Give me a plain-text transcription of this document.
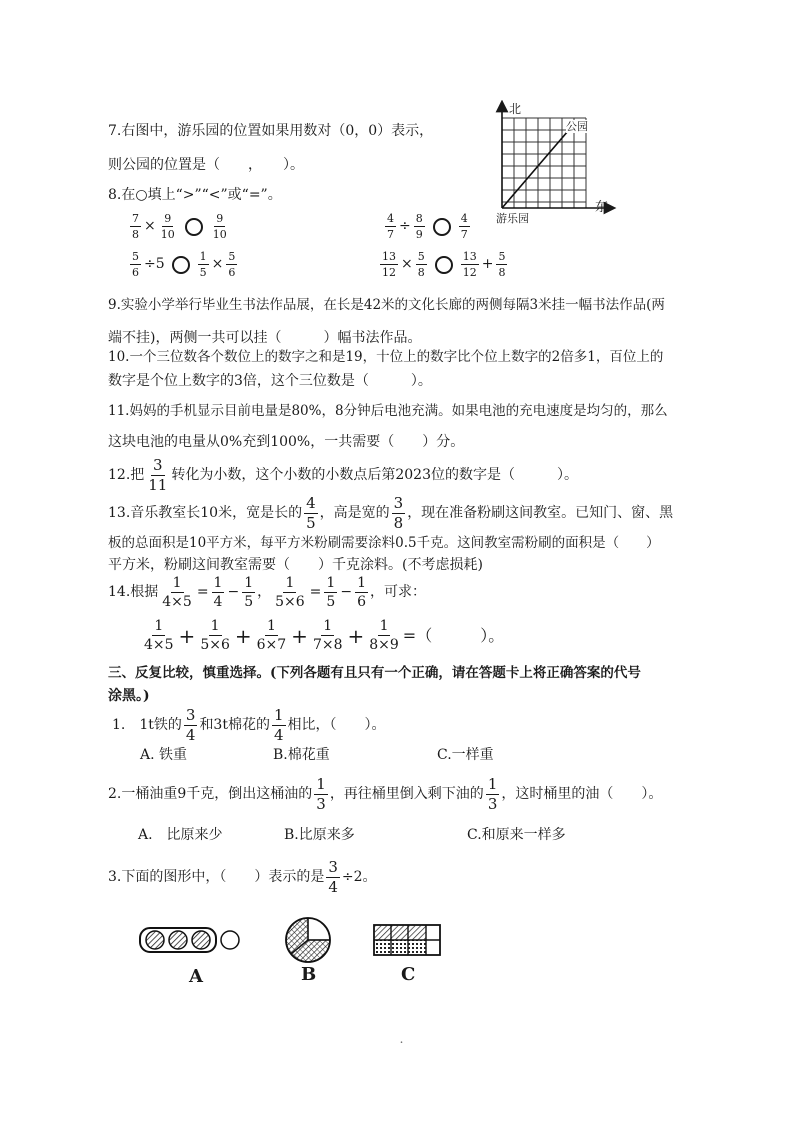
7.右图中，游乐园的位置如果用数对（0，0）表示，
则公园的位置是（　　，　　）。
北
东
公园
游乐园
8.在○填上“>”“<”或“=”。
$\frac{7}{8} \times \frac{9}{10}$	$\frac{9}{10}$	$\frac{4}{7} \div \frac{8}{9}$	$\frac{4}{7}$
$\frac{5}{6} \div 5$	$\frac{1}{5} \times \frac{5}{6}$	$\frac{13}{12} \times \frac{5}{8}$	$\frac{13}{12} + \frac{5}{8}$
9.实验小学举行毕业生书法作品展，在长是42米的文化长廊的两侧每隔3米挂一幅书法作品(两
端不挂)，两侧一共可以挂（　　　）幅书法作品。
10.一个三位数各个数位上的数字之和是19，十位上的数字比个位上数字的2倍多1，百位上的
数字是个位上数字的3倍，这个三位数是（　　　）。
11.妈妈的手机显示目前电量是80%，8分钟后电池充满。如果电池的充电速度是均匀的，那么
这块电池的电量从0%充到100%，一共需要（　　）分。
12.把 $\frac{3}{11}$ 转化为小数，这个小数的小数点后第2023位的数字是（　　　）。
13.音乐教室长10米，宽是长的 $\frac{4}{5}$ ，高是宽的 $\frac{3}{8}$ ，现在准备粉刷这间教室。已知门、窗、黑
板的总面积是10平方米，每平方米粉刷需要涂料0.5千克。这间教室需粉刷的面积是（　　）
平方米，粉刷这间教室需要（　　）千克涂料。(不考虑损耗)
14.根据 $\frac{1}{4\times 5} = \frac{1}{4} - \frac{1}{5}$ ， $\frac{1}{5\times 6} = \frac{1}{5} - \frac{1}{6}$ ，可求：
$\frac{1}{4\times 5} + \frac{1}{5\times 6} + \frac{1}{6\times 7} + \frac{1}{7\times 8} + \frac{1}{8\times 9}$ =（　　　）。
三、反复比较，慎重选择。(下列各题有且只有一个正确，请在答题卡上将正确答案的代号
涂黑。)
1.　1t铁的 $\frac{3}{4}$ 和3t棉花的 $\frac{1}{4}$ 相比，（　　）。
A. 铁重	B.棉花重	C.一样重
2.一桶油重9千克，倒出这桶油的 $\frac{1}{3}$ ，再往桶里倒入剩下油的 $\frac{1}{3}$ ，这时桶里的油（　　）。
A.　比原来少	B.比原来多	C.和原来一样多
3.下面的图形中，（　　）表示的是 $\frac{3}{4} \div 2$。
A	B	C
˙
